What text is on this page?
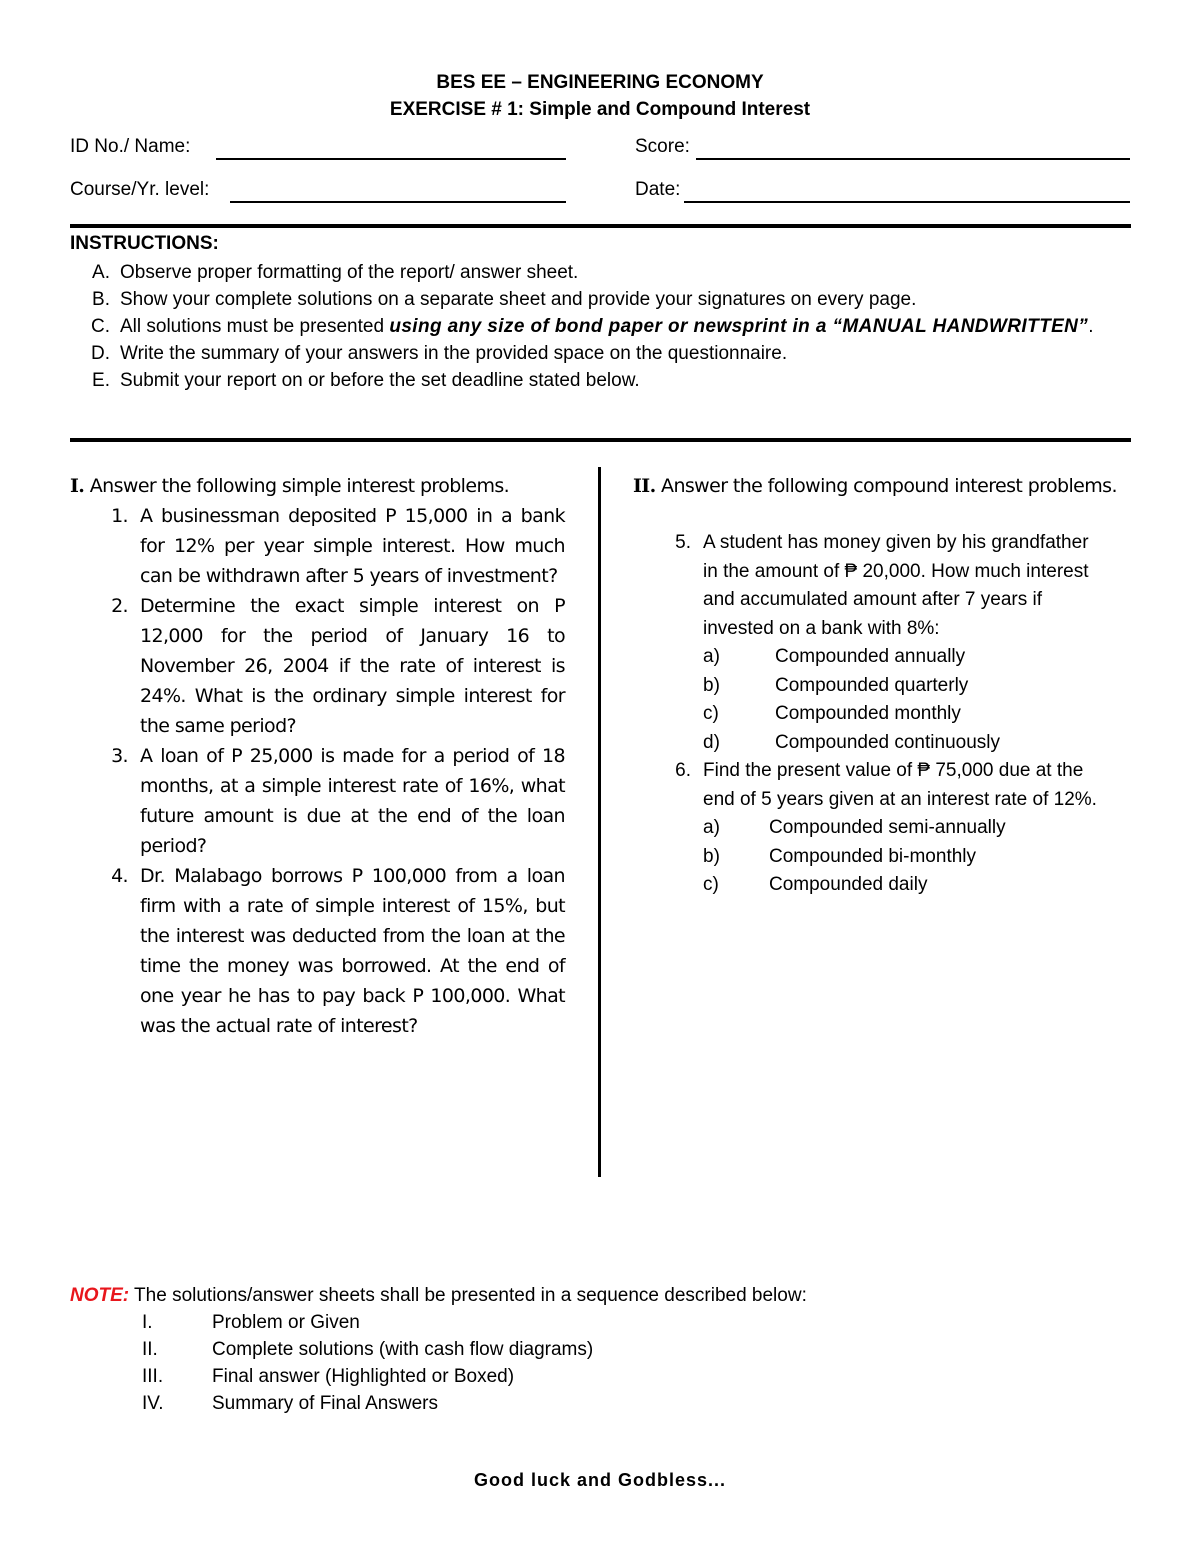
BES EE – ENGINEERING ECONOMY
EXERCISE # 1: Simple and Compound Interest
ID No./ Name:	Score:
Course/Yr. level:	Date:
INSTRUCTIONS:
A. Observe proper formatting of the report/ answer sheet.
B. Show your complete solutions on a separate sheet and provide your signatures on every page.
C. All solutions must be presented using any size of bond paper or newsprint in a “MANUAL HANDWRITTEN”.
D. Write the summary of your answers in the provided space on the questionnaire.
E. Submit your report on or before the set deadline stated below.
I. Answer the following simple interest problems.
1. A businessman deposited P 15,000 in a bank for 12% per year simple interest. How much can be withdrawn after 5 years of investment?
2. Determine the exact simple interest on P 12,000 for the period of January 16 to November 26, 2004 if the rate of interest is 24%. What is the ordinary simple interest for the same period?
3. A loan of P 25,000 is made for a period of 18 months, at a simple interest rate of 16%, what future amount is due at the end of the loan period?
4. Dr. Malabago borrows P 100,000 from a loan firm with a rate of simple interest of 15%, but the interest was deducted from the loan at the time the money was borrowed. At the end of one year he has to pay back P 100,000. What was the actual rate of interest?
II. Answer the following compound interest problems.
5. A student has money given by his grandfather in the amount of ₱ 20,000. How much interest and accumulated amount after 7 years if invested on a bank with 8%:
a)	Compounded annually
b)	Compounded quarterly
c)	Compounded monthly
d)	Compounded continuously
6. Find the present value of ₱ 75,000 due at the end of 5 years given at an interest rate of 12%.
a)	Compounded semi-annually
b)	Compounded bi-monthly
c)	Compounded daily
NOTE: The solutions/answer sheets shall be presented in a sequence described below:
I.	Problem or Given
II.	Complete solutions (with cash flow diagrams)
III.	Final answer (Highlighted or Boxed)
IV.	Summary of Final Answers
Good luck and Godbless...
